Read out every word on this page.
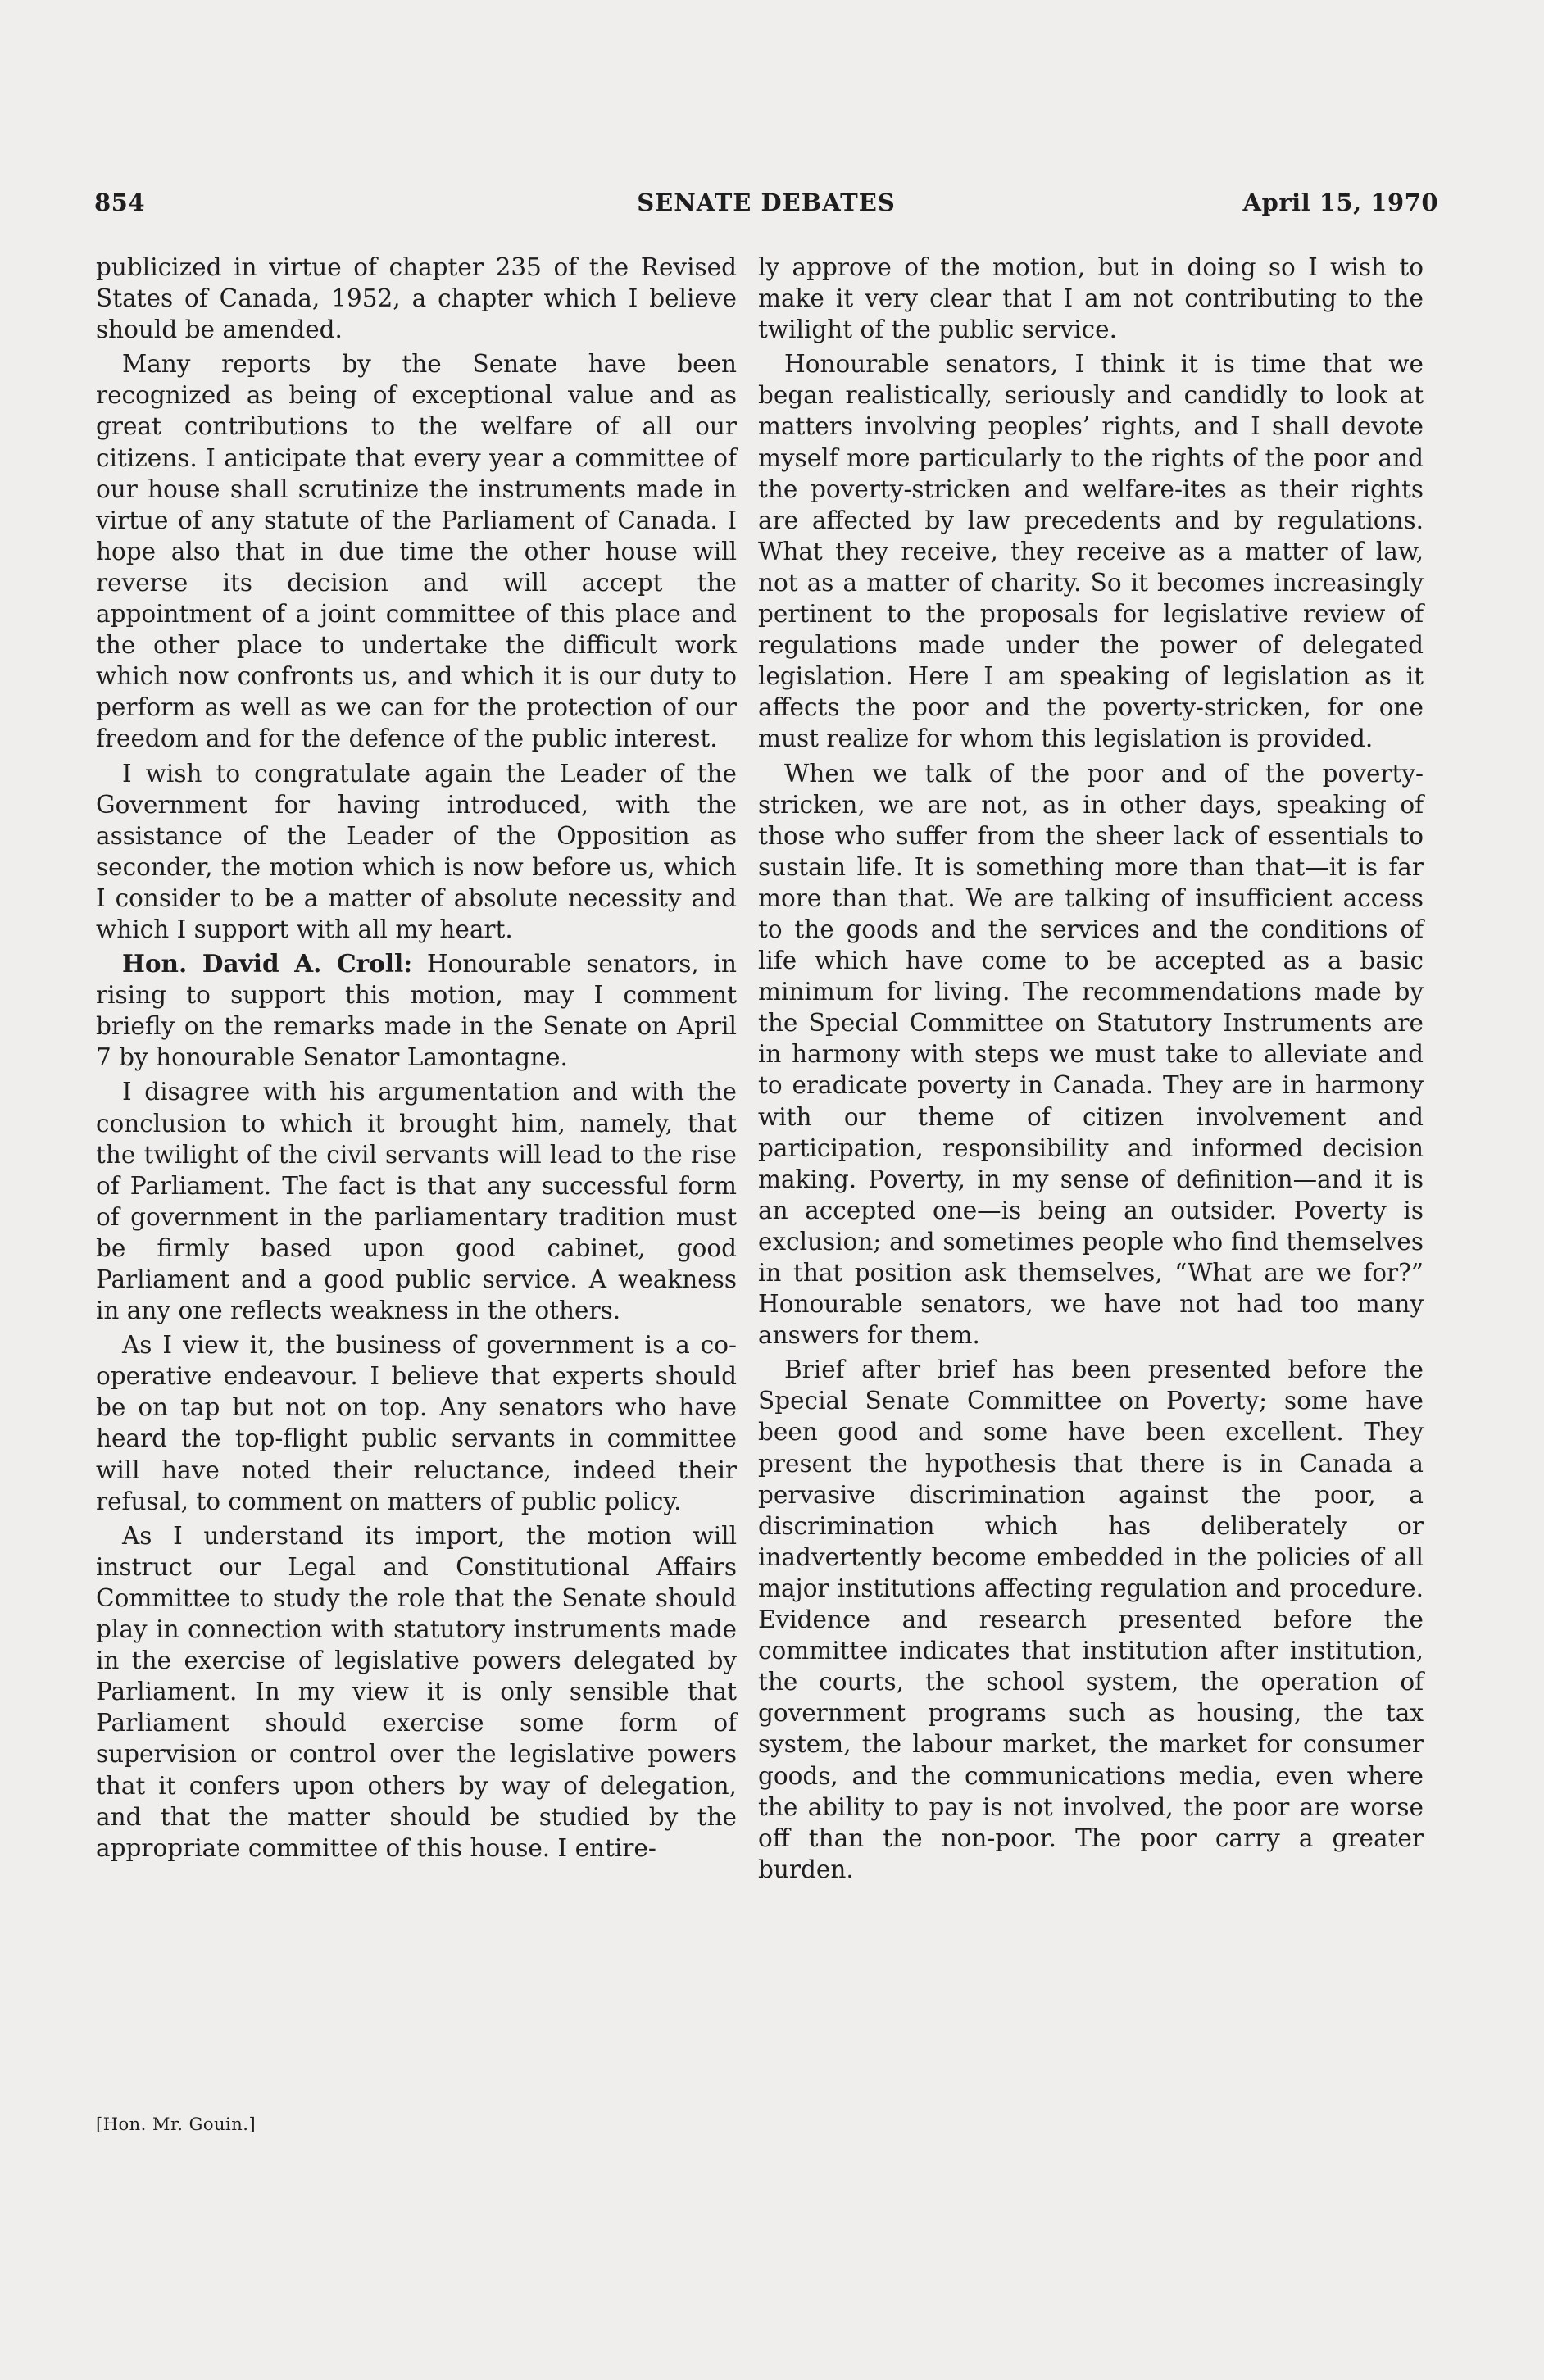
854	SENATE DEBATES	April 15, 1970

publicized in virtue of chapter 235 of the Revised States of Canada, 1952, a chapter which I believe should be amended.

Many reports by the Senate have been recognized as being of exceptional value and as great contributions to the welfare of all our citizens. I anticipate that every year a committee of our house shall scrutinize the instruments made in virtue of any statute of the Parliament of Canada. I hope also that in due time the other house will reverse its decision and will accept the appointment of a joint committee of this place and the other place to undertake the difficult work which now confronts us, and which it is our duty to perform as well as we can for the protection of our freedom and for the defence of the public interest.

I wish to congratulate again the Leader of the Government for having introduced, with the assistance of the Leader of the Opposition as seconder, the motion which is now before us, which I consider to be a matter of absolute necessity and which I support with all my heart.

Hon. David A. Croll: Honourable senators, in rising to support this motion, may I comment briefly on the remarks made in the Senate on April 7 by honourable Senator Lamontagne.

I disagree with his argumentation and with the conclusion to which it brought him, namely, that the twilight of the civil servants will lead to the rise of Parliament. The fact is that any successful form of government in the parliamentary tradition must be firmly based upon good cabinet, good Parliament and a good public service. A weakness in any one reflects weakness in the others.

As I view it, the business of government is a co-operative endeavour. I believe that experts should be on tap but not on top. Any senators who have heard the top-flight public servants in committee will have noted their reluctance, indeed their refusal, to comment on matters of public policy.

As I understand its import, the motion will instruct our Legal and Constitutional Affairs Committee to study the role that the Senate should play in connection with statutory instruments made in the exercise of legislative powers delegated by Parliament. In my view it is only sensible that Parliament should exercise some form of supervision or control over the legislative powers that it confers upon others by way of delegation, and that the matter should be studied by the appropriate committee of this house. I entire-

ly approve of the motion, but in doing so I wish to make it very clear that I am not contributing to the twilight of the public service.

Honourable senators, I think it is time that we began realistically, seriously and candidly to look at matters involving peoples’ rights, and I shall devote myself more particularly to the rights of the poor and the poverty-stricken and welfare-ites as their rights are affected by law precedents and by regulations. What they receive, they receive as a matter of law, not as a matter of charity. So it becomes increasingly pertinent to the proposals for legislative review of regulations made under the power of delegated legislation. Here I am speaking of legislation as it affects the poor and the poverty-stricken, for one must realize for whom this legislation is provided.

When we talk of the poor and of the poverty-stricken, we are not, as in other days, speaking of those who suffer from the sheer lack of essentials to sustain life. It is something more than that—it is far more than that. We are talking of insufficient access to the goods and the services and the conditions of life which have come to be accepted as a basic minimum for living. The recommendations made by the Special Committee on Statutory Instruments are in harmony with steps we must take to alleviate and to eradicate poverty in Canada. They are in harmony with our theme of citizen involvement and participation, responsibility and informed decision making. Poverty, in my sense of definition—and it is an accepted one—is being an outsider. Poverty is exclusion; and sometimes people who find themselves in that position ask themselves, “What are we for?” Honourable senators, we have not had too many answers for them.

Brief after brief has been presented before the Special Senate Committee on Poverty; some have been good and some have been excellent. They present the hypothesis that there is in Canada a pervasive discrimination against the poor, a discrimination which has deliberately or inadvertently become embedded in the policies of all major institutions affecting regulation and procedure. Evidence and research presented before the committee indicates that institution after institution, the courts, the school system, the operation of government programs such as housing, the tax system, the labour market, the market for consumer goods, and the communications media, even where the ability to pay is not involved, the poor are worse off than the non-poor. The poor carry a greater burden.

[Hon. Mr. Gouin.]
